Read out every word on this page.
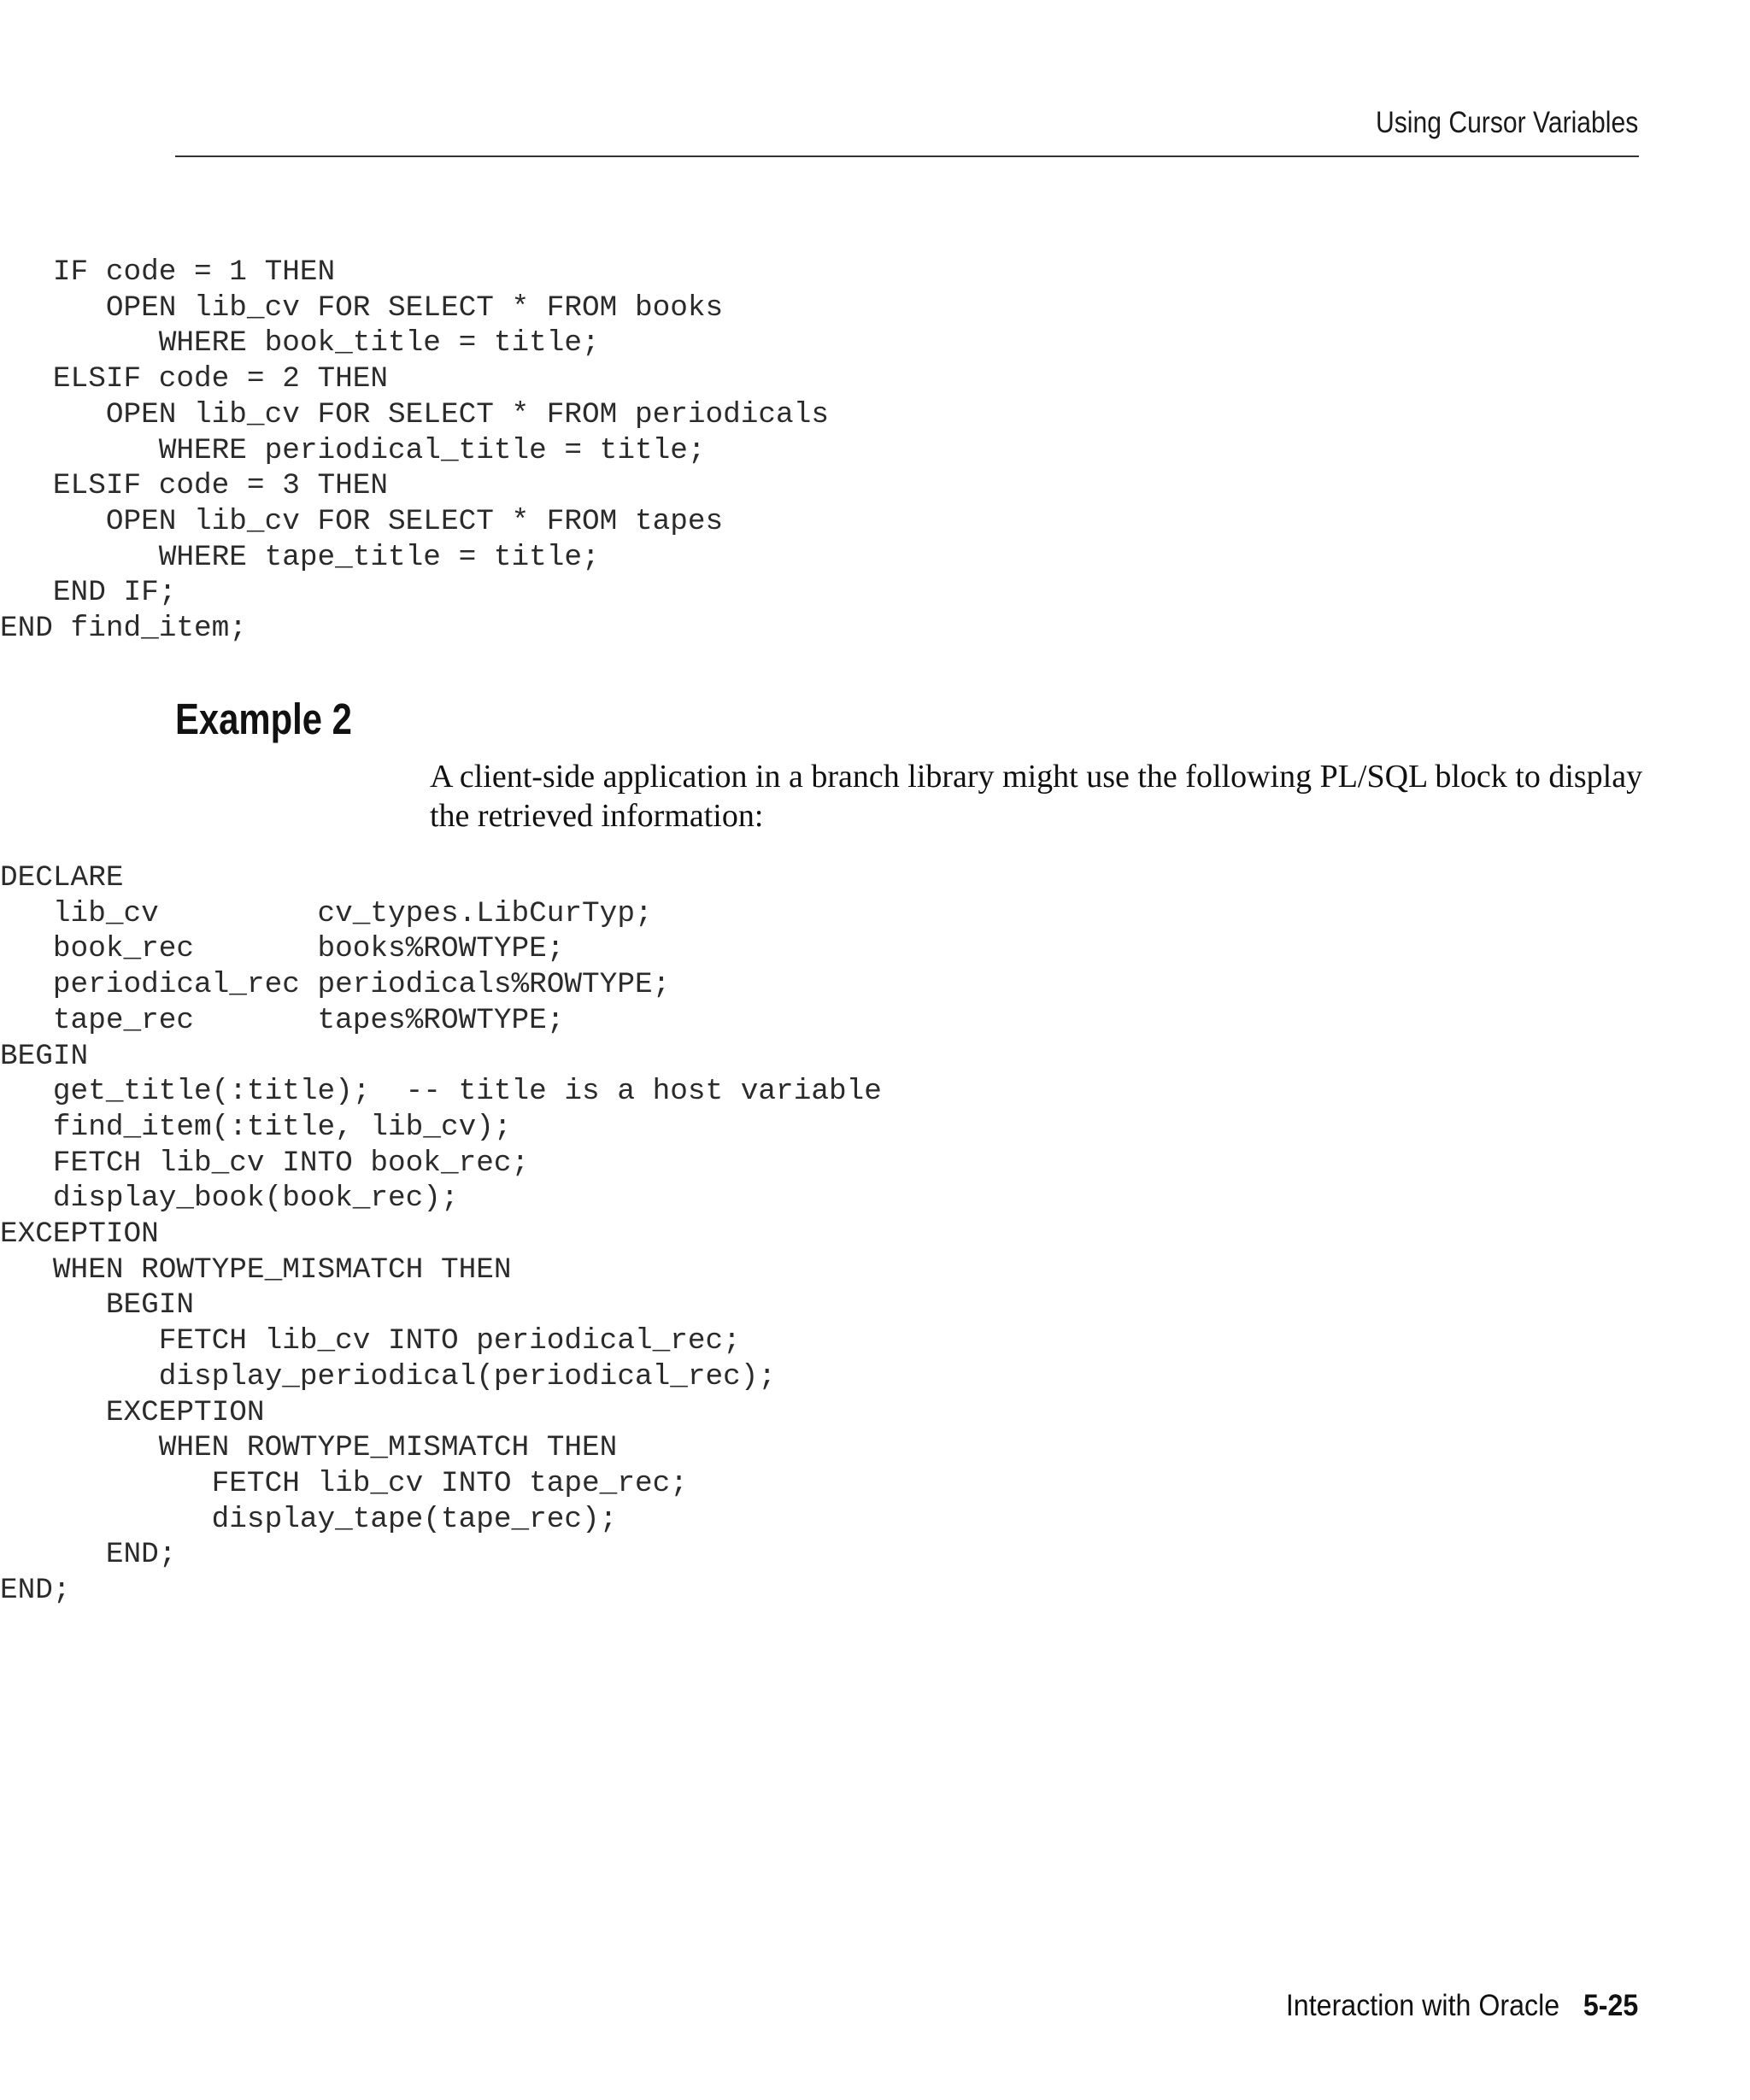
Using Cursor Variables
IF code = 1 THEN
OPEN lib_cv FOR SELECT * FROM books
WHERE book_title = title;
ELSIF code = 2 THEN
OPEN lib_cv FOR SELECT * FROM periodicals
WHERE periodical_title = title;
ELSIF code = 3 THEN
OPEN lib_cv FOR SELECT * FROM tapes
WHERE tape_title = title;
END IF;
END find_item;
Example 2

A client-side application in a branch library might use the following PL/SQL block to display the retrieved information:

DECLARE
lib_cv         cv_types.LibCurTyp;
book_rec       books%ROWTYPE;
periodical_rec periodicals%ROWTYPE;
tape_rec       tapes%ROWTYPE;
BEGIN
get_title(:title);  -- title is a host variable
find_item(:title, lib_cv);
FETCH lib_cv INTO book_rec;
display_book(book_rec);
EXCEPTION
WHEN ROWTYPE_MISMATCH THEN
BEGIN
FETCH lib_cv INTO periodical_rec;
display_periodical(periodical_rec);
EXCEPTION
WHEN ROWTYPE_MISMATCH THEN
FETCH lib_cv INTO tape_rec;
display_tape(tape_rec);
END;
END;
Interaction with Oracle 5-25
